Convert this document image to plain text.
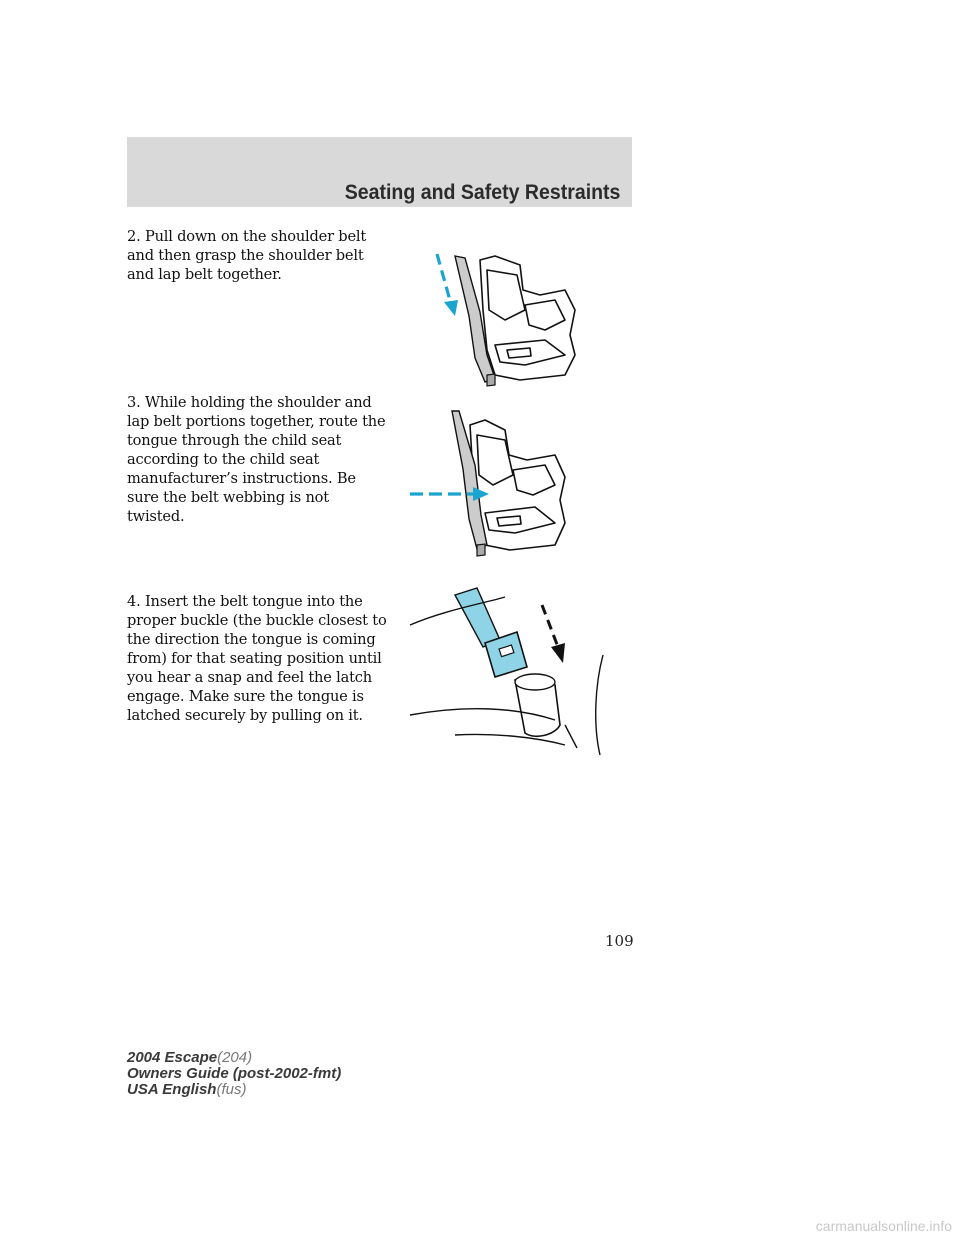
Seating and Safety Restraints
2. Pull down on the shoulder belt and then grasp the shoulder belt and lap belt together.
3. While holding the shoulder and lap belt portions together, route the tongue through the child seat according to the child seat manufacturer’s instructions. Be sure the belt webbing is not twisted.
4. Insert the belt tongue into the proper buckle (the buckle closest to the direction the tongue is coming from) for that seating position until you hear a snap and feel the latch engage. Make sure the tongue is latched securely by pulling on it.
109
2004 Escape(204)
Owners Guide (post-2002-fmt)
USA English(fus)
carmanualsonline.info
